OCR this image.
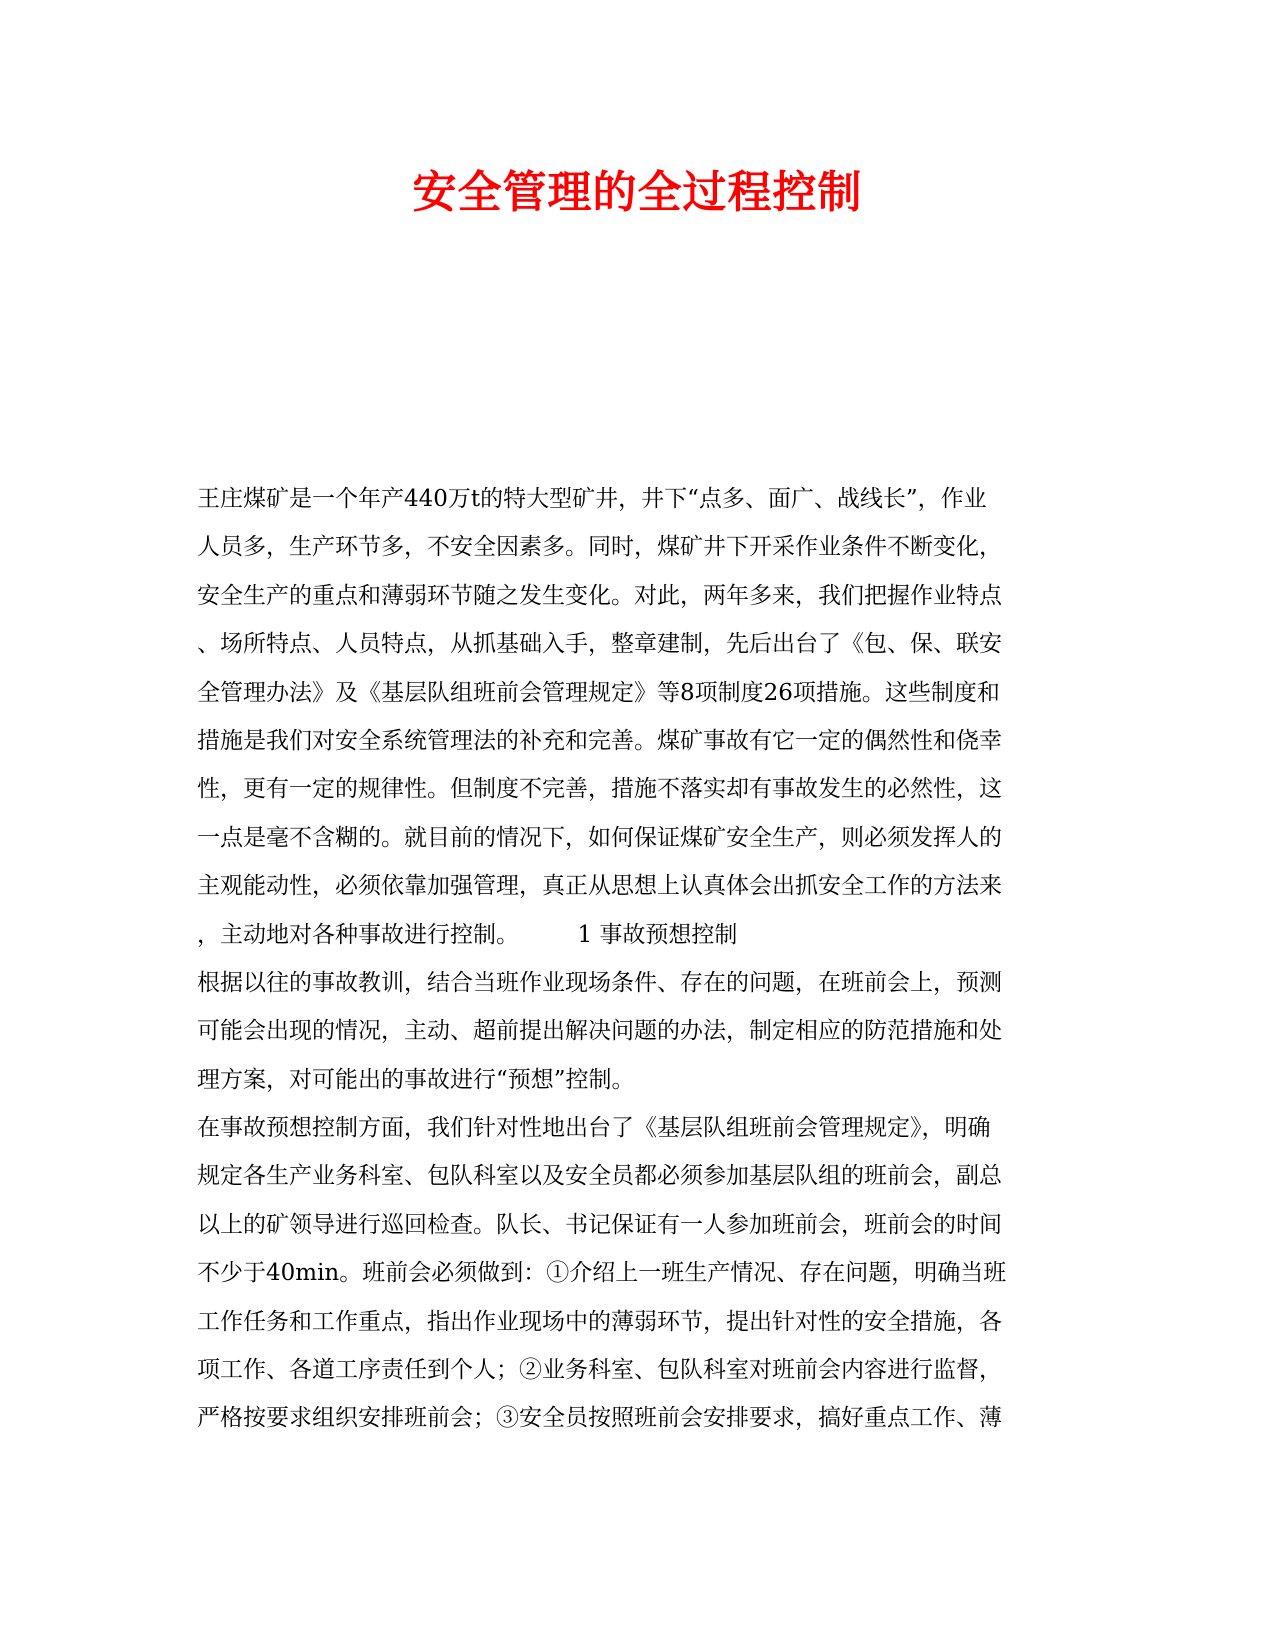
安全管理的全过程控制
王庄煤矿是一个年产440万t的特大型矿井，井下“点多、面广、战线长”，作业
人员多，生产环节多，不安全因素多。同时，煤矿井下开采作业条件不断变化，
安全生产的重点和薄弱环节随之发生变化。对此，两年多来，我们把握作业特点
、场所特点、人员特点，从抓基础入手，整章建制，先后出台了《包、保、联安
全管理办法》及《基层队组班前会管理规定》等8项制度26项措施。这些制度和
措施是我们对安全系统管理法的补充和完善。煤矿事故有它一定的偶然性和侥幸
性，更有一定的规律性。但制度不完善，措施不落实却有事故发生的必然性，这
一点是毫不含糊的。就目前的情况下，如何保证煤矿安全生产，则必须发挥人的
主观能动性，必须依靠加强管理，真正从思想上认真体会出抓安全工作的方法来
，主动地对各种事故进行控制。        1 事故预想控制
根据以往的事故教训，结合当班作业现场条件、存在的问题，在班前会上，预测
可能会出现的情况，主动、超前提出解决问题的办法，制定相应的防范措施和处
理方案，对可能出的事故进行“预想”控制。
在事故预想控制方面，我们针对性地出台了《基层队组班前会管理规定》，明确
规定各生产业务科室、包队科室以及安全员都必须参加基层队组的班前会，副总
以上的矿领导进行巡回检查。队长、书记保证有一人参加班前会，班前会的时间
不少于40min。班前会必须做到：①介绍上一班生产情况、存在问题，明确当班
工作任务和工作重点，指出作业现场中的薄弱环节，提出针对性的安全措施，各
项工作、各道工序责任到个人；②业务科室、包队科室对班前会内容进行监督，
严格按要求组织安排班前会；③安全员按照班前会安排要求，搞好重点工作、薄
